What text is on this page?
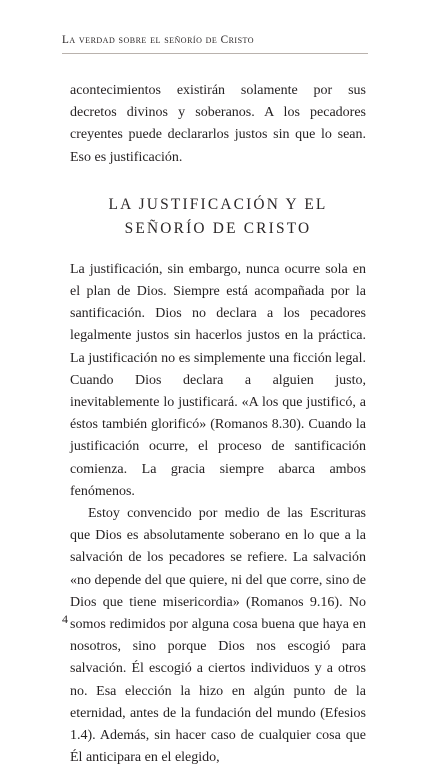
La verdad sobre el señorío de Cristo

acontecimientos existirán solamente por sus decretos divinos y soberanos. A los pecadores creyentes puede declararlos justos sin que lo sean. Eso es justificación.

LA JUSTIFICACIÓN Y EL SEÑORÍO DE CRISTO

La justificación, sin embargo, nunca ocurre sola en el plan de Dios. Siempre está acompañada por la santificación. Dios no declara a los pecadores legalmente justos sin hacerlos justos en la práctica. La justificación no es simplemente una ficción legal. Cuando Dios declara a alguien justo, inevitablemente lo justificará. «A los que justificó, a éstos también glorificó» (Romanos 8.30). Cuando la justificación ocurre, el proceso de santificación comienza. La gracia siempre abarca ambos fenómenos.

Estoy convencido por medio de las Escrituras que Dios es absolutamente soberano en lo que a la salvación de los pecadores se refiere. La salvación «no depende del que quiere, ni del que corre, sino de Dios que tiene misericordia» (Romanos 9.16). No somos redimidos por alguna cosa buena que haya en nosotros, sino porque Dios nos escogió para salvación. Él escogió a ciertos individuos y a otros no. Esa elección la hizo en algún punto de la eternidad, antes de la fundación del mundo (Efesios 1.4). Además, sin hacer caso de cualquier cosa que Él anticipara en el elegido,

4
